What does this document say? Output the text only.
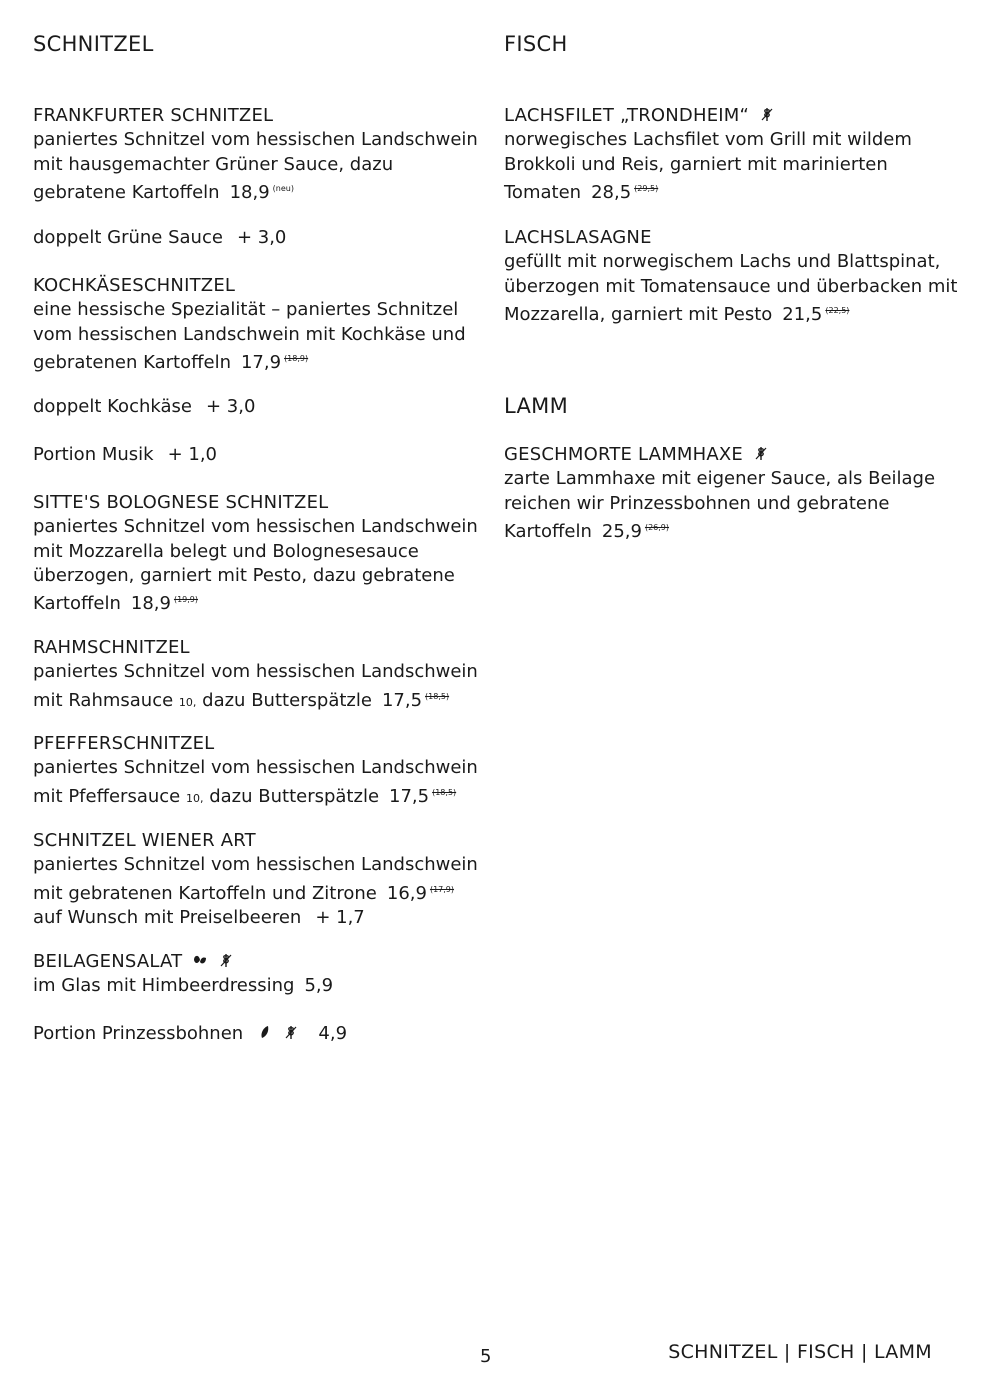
SCHNITZEL
FRANKFURTER SCHNITZEL
paniertes Schnitzel vom hessischen Landschwein mit hausgemachter Grüner Sauce, dazu gebratene Kartoffeln 18,9 $^{(neu)}$
doppelt Grüne Sauce + 3,0
KOCHKÄSESCHNITZEL
eine hessische Spezialität – paniertes Schnitzel vom hessischen Landschwein mit Kochkäse und gebratenen Kartoffeln 17,9 $^{(18,9)}$
doppelt Kochkäse + 3,0
Portion Musik + 1,0
SITTE'S BOLOGNESE SCHNITZEL
paniertes Schnitzel vom hessischen Landschwein mit Mozzarella belegt und Bolognesesauce überzogen, garniert mit Pesto, dazu gebratene Kartoffeln 18,9 $^{(19,9)}$
RAHMSCHNITZEL
paniertes Schnitzel vom hessischen Landschwein mit Rahmsauce 10, dazu Butterspätzle 17,5 $^{(18,5)}$
PFEFFERSCHNITZEL
paniertes Schnitzel vom hessischen Landschwein mit Pfeffersauce 10, dazu Butterspätzle 17,5 $^{(18,5)}$
SCHNITZEL WIENER ART
paniertes Schnitzel vom hessischen Landschwein mit gebratenen Kartoffeln und Zitrone 16,9 $^{(17,9)}$
auf Wunsch mit Preiselbeeren + 1,7
BEILAGENSALAT
im Glas mit Himbeerdressing 5,9
Portion Prinzessbohnen	4,9
FISCH
LACHSFILET „TRONDHEIM“
norwegisches Lachsfilet vom Grill mit wildem Brokkoli und Reis, garniert mit marinierten Tomaten 28,5 $^{(29,5)}$
LACHSLASAGNE
gefüllt mit norwegischem Lachs und Blattspinat, überzogen mit Tomatensauce und überbacken mit Mozzarella, garniert mit Pesto 21,5 $^{(22,5)}$
LAMM
GESCHMORTE LAMMHAXE
zarte Lammhaxe mit eigener Sauce, als Beilage reichen wir Prinzessbohnen und gebratene Kartoffeln 25,9 $^{(26,9)}$
5	SCHNITZEL | FISCH | LAMM
